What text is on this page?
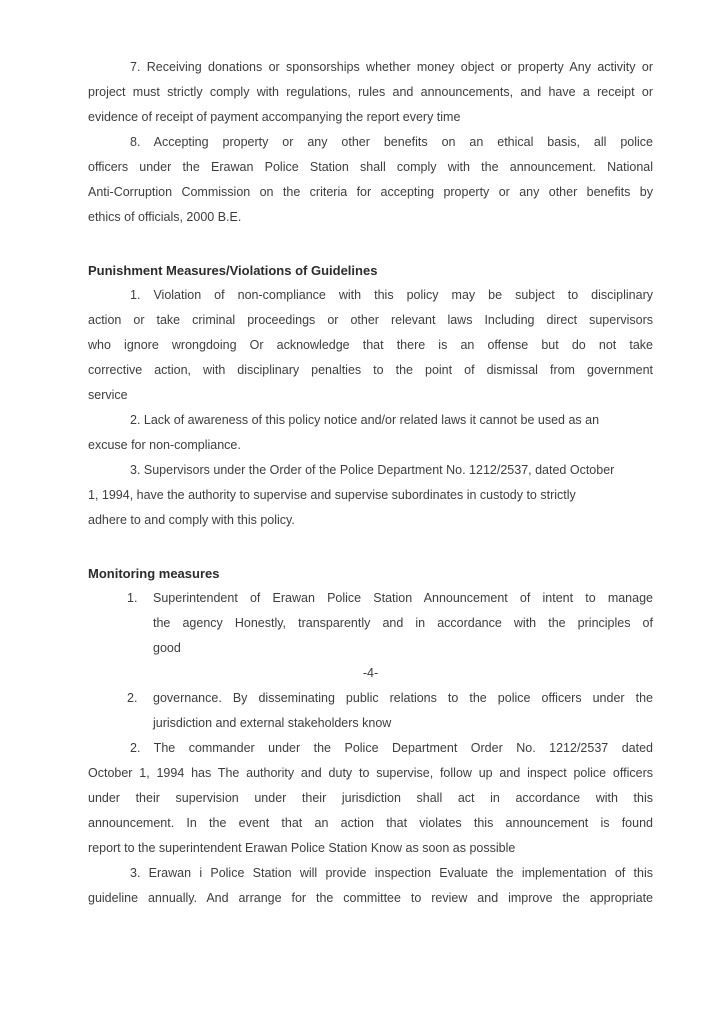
7. Receiving donations or sponsorships whether money object or property Any activity or
project must strictly comply with regulations, rules and announcements, and have a receipt or
evidence of receipt of payment accompanying the report every time
8. Accepting property or any other benefits on an ethical basis, all police
officers under the Erawan Police Station shall comply with the announcement. National
Anti-Corruption Commission on the criteria for accepting property or any other benefits by
ethics of officials, 2000 B.E.
Punishment Measures/Violations of Guidelines
1. Violation of non-compliance with this policy may be subject to disciplinary
action or take criminal proceedings or other relevant laws Including direct supervisors
who ignore wrongdoing Or acknowledge that there is an offense but do not take
corrective action, with disciplinary penalties to the point of dismissal from government
service
2. Lack of awareness of this policy notice and/or related laws it cannot be used as an
excuse for non-compliance.
3. Supervisors under the Order of the Police Department No. 1212/2537, dated October
1, 1994, have the authority to supervise and supervise subordinates in custody to strictly
adhere to and comply with this policy.
Monitoring measures
1. Superintendent of Erawan Police Station Announcement of intent to manage
the agency Honestly, transparently and in accordance with the principles of
good
-4-
2. governance. By disseminating public relations to the police officers under the
jurisdiction and external stakeholders know
2. The commander under the Police Department Order No. 1212/2537 dated
October 1, 1994 has The authority and duty to supervise, follow up and inspect police officers
under their supervision under their jurisdiction shall act in accordance with this
announcement. In the event that an action that violates this announcement is found
report to the superintendent Erawan Police Station Know as soon as possible
3. Erawan i Police Station will provide inspection Evaluate the implementation of this
guideline annually. And arrange for the committee to review and improve the appropriate
